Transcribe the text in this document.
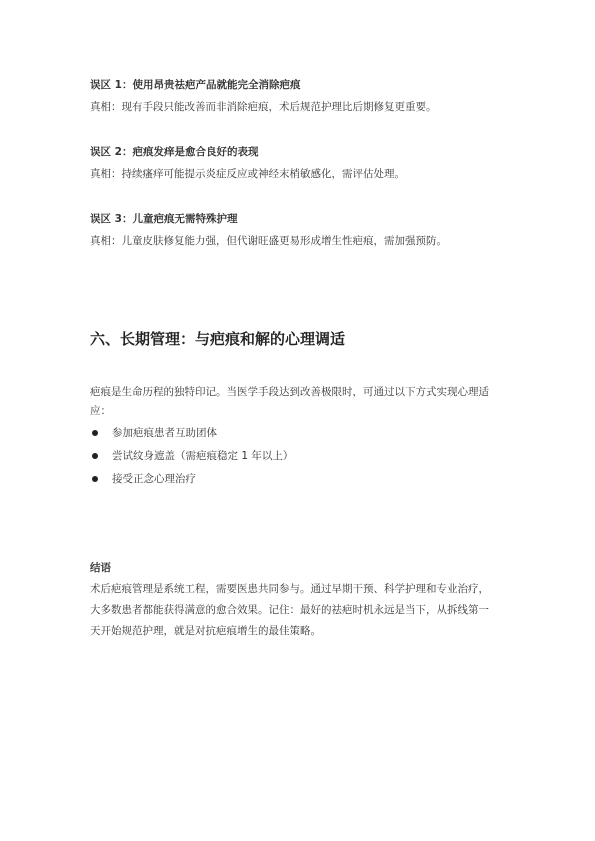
误区 1：使用昂贵祛疤产品就能完全消除疤痕
真相：现有手段只能改善而非消除疤痕，术后规范护理比后期修复更重要。
误区 2：疤痕发痒是愈合良好的表现
真相：持续瘙痒可能提示炎症反应或神经末梢敏感化，需评估处理。
误区 3：儿童疤痕无需特殊护理
真相：儿童皮肤修复能力强，但代谢旺盛更易形成增生性疤痕，需加强预防。
六、长期管理：与疤痕和解的心理调适
疤痕是生命历程的独特印记。当医学手段达到改善极限时，可通过以下方式实现心理适
应：
参加疤痕患者互助团体
尝试纹身遮盖（需疤痕稳定 1 年以上）
接受正念心理治疗
结语
术后疤痕管理是系统工程，需要医患共同参与。通过早期干预、科学护理和专业治疗，
大多数患者都能获得满意的愈合效果。记住：最好的祛疤时机永远是当下，从拆线第一
天开始规范护理，就是对抗疤痕增生的最佳策略。
